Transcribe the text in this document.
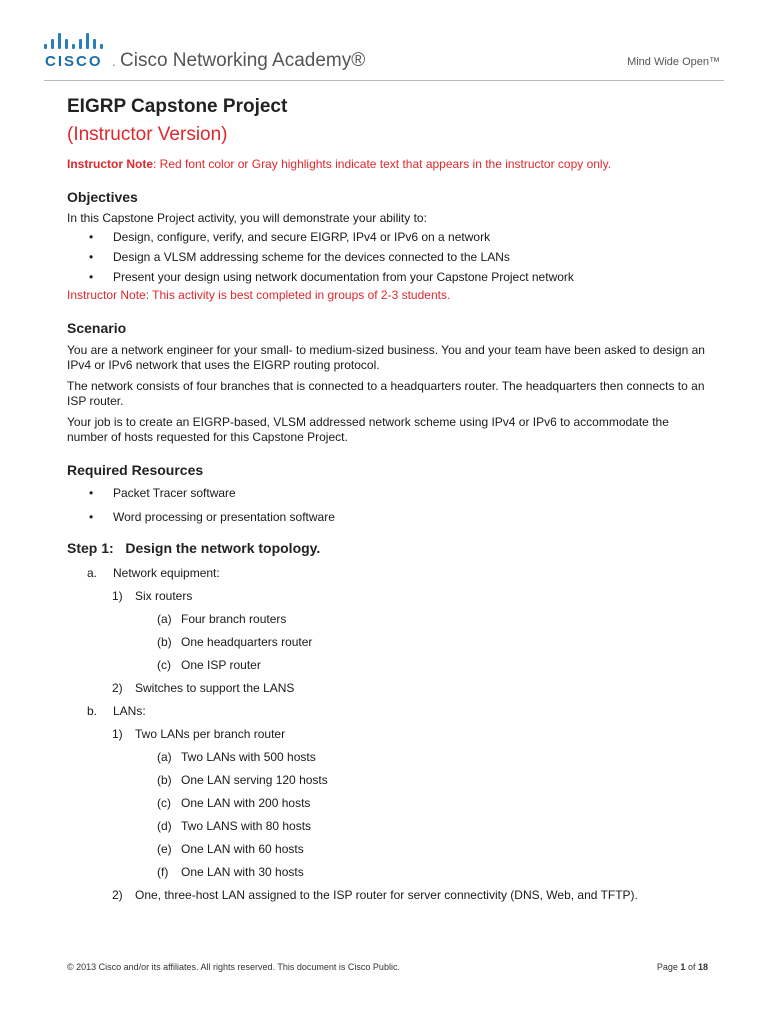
CISCO . Cisco Networking Academy®	Mind Wide Open™
EIGRP Capstone Project

(Instructor Version)

Instructor Note: Red font color or Gray highlights indicate text that appears in the instructor copy only.

Objectives

In this Capstone Project activity, you will demonstrate your ability to:

• Design, configure, verify, and secure EIGRP, IPv4 or IPv6 on a network
• Design a VLSM addressing scheme for the devices connected to the LANs
• Present your design using network documentation from your Capstone Project network

Instructor Note: This activity is best completed in groups of 2-3 students.

Scenario

You are a network engineer for your small- to medium-sized business. You and your team have been asked to design an IPv4 or IPv6 network that uses the EIGRP routing protocol.

The network consists of four branches that is connected to a headquarters router. The headquarters then connects to an ISP router.

Your job is to create an EIGRP-based, VLSM addressed network scheme using IPv4 or IPv6 to accommodate the number of hosts requested for this Capstone Project.

Required Resources
• Packet Tracer software
• Word processing or presentation software
Step 1:   Design the network topology.
a. Network equipment:
1) Six routers
(a) Four branch routers
(b) One headquarters router
(c) One ISP router
2) Switches to support the LANS
b. LANs:
1) Two LANs per branch router
(a) Two LANs with 500 hosts
(b) One LAN serving 120 hosts
(c) One LAN with 200 hosts
(d) Two LANS with 80 hosts
(e) One LAN with 60 hosts
(f) One LAN with 30 hosts
2) One, three-host LAN assigned to the ISP router for server connectivity (DNS, Web, and TFTP).
© 2013 Cisco and/or its affiliates. All rights reserved. This document is Cisco Public.	Page 1 of 18
